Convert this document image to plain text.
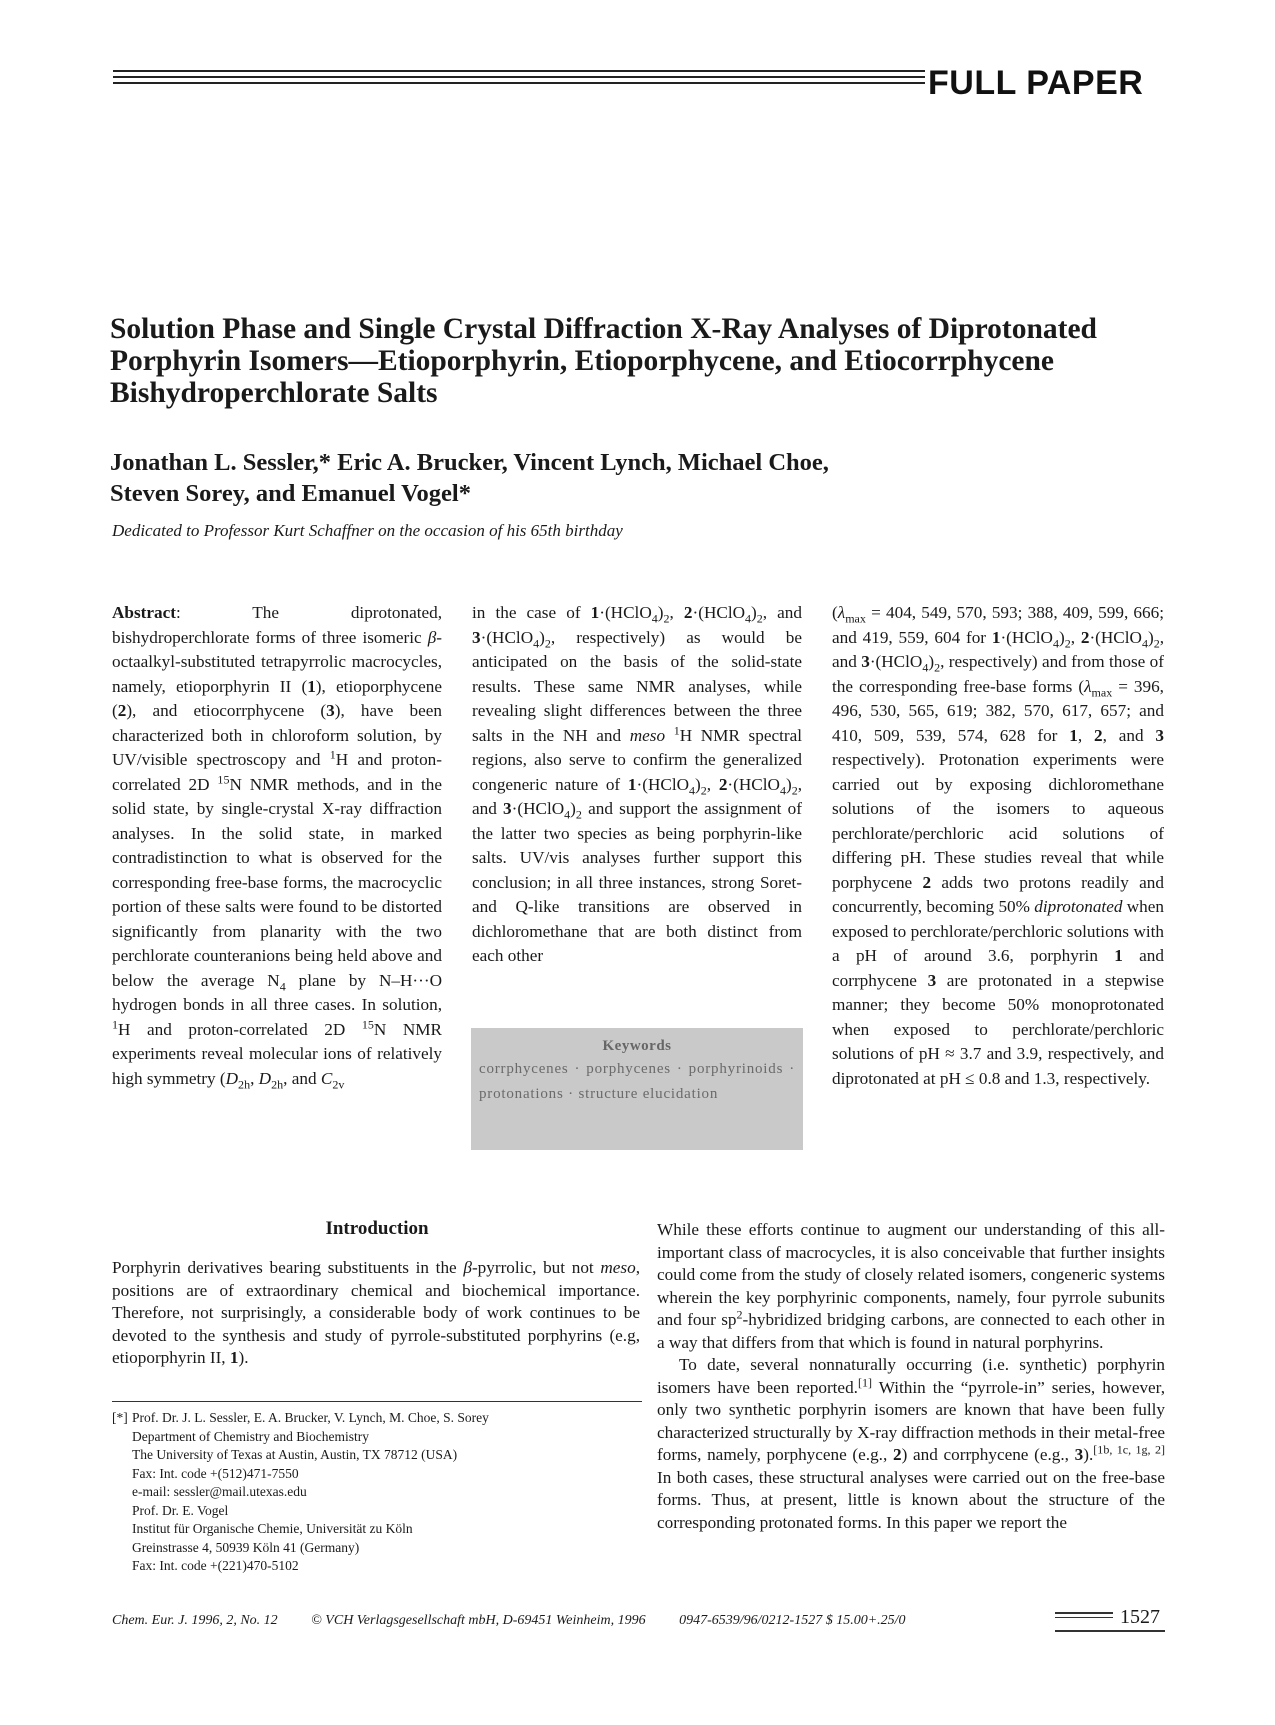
FULL PAPER
Solution Phase and Single Crystal Diffraction X-Ray Analyses of Diprotonated
Porphyrin Isomers—Etioporphyrin, Etioporphycene, and Etiocorrphycene
Bishydroperchlorate Salts
Jonathan L. Sessler,* Eric A. Brucker, Vincent Lynch, Michael Choe,
Steven Sorey, and Emanuel Vogel*
Dedicated to Professor Kurt Schaffner on the occasion of his 65th birthday

Abstract: The diprotonated, bishydroperchlorate forms of three isomeric β-octaalkyl-substituted tetrapyrrolic macrocycles, namely, etioporphyrin II (1), etioporphycene (2), and etiocorrphycene (3), have been characterized both in chloroform solution, by UV/visible spectroscopy and $^1$H and proton-correlated 2D $^{15}$N NMR methods, and in the solid state, by single-crystal X-ray diffraction analyses. In the solid state, in marked contradistinction to what is observed for the corresponding free-base forms, the macrocyclic portion of these salts were found to be distorted significantly from planarity with the two perchlorate counteranions being held above and below the average $N_4$ plane by N–H···O hydrogen bonds in all three cases. In solution, $^1$H and proton-correlated 2D $^{15}$N NMR experiments reveal molecular ions of relatively high symmetry ($D_{2h}$, $D_{2h}$, and $C_{2v}$

in the case of $1\cdot(HClO_4)_2$, $2\cdot(HClO_4)_2$, and $3\cdot(HClO_4)_2$, respectively) as would be anticipated on the basis of the solid-state results. These same NMR analyses, while revealing slight differences between the three salts in the NH and meso $^1$H NMR spectral regions, also serve to confirm the generalized congeneric nature of $1\cdot(HClO_4)_2$, $2\cdot(HClO_4)_2$, and $3\cdot(HClO_4)_2$ and support the assignment of the latter two species as being porphyrin-like salts. UV/vis analyses further support this conclusion; in all three instances, strong Soret- and Q-like transitions are observed in dichloromethane that are both distinct from each other

Keywords
corrphycenes · porphycenes · porphyrinoids · protonations · structure elucidation

($\lambda_{max} = 404$, 549, 570, 593; 388, 409, 599, 666; and 419, 559, 604 for $1\cdot(HClO_4)_2$, $2\cdot(HClO_4)_2$, and $3\cdot(HClO_4)_2$, respectively) and from those of the corresponding free-base forms ($\lambda_{max} = 396$, 496, 530, 565, 619; 382, 570, 617, 657; and 410, 509, 539, 574, 628 for 1, 2, and 3 respectively). Protonation experiments were carried out by exposing dichloromethane solutions of the isomers to aqueous perchlorate/perchloric acid solutions of differing pH. These studies reveal that while porphycene 2 adds two protons readily and concurrently, becoming 50% diprotonated when exposed to perchlorate/perchloric solutions with a pH of around 3.6, porphyrin 1 and corrphycene 3 are protonated in a stepwise manner; they become 50% monoprotonated when exposed to perchlorate/perchloric solutions of pH ≈ 3.7 and 3.9, respectively, and diprotonated at pH ≤ 0.8 and 1.3, respectively.

Introduction

Porphyrin derivatives bearing substituents in the β-pyrrolic, but not meso, positions are of extraordinary chemical and biochemical importance. Therefore, not surprisingly, a considerable body of work continues to be devoted to the synthesis and study of pyrrole-substituted porphyrins (e.g, etioporphyrin II, 1).

[*] Prof. Dr. J. L. Sessler, E. A. Brucker, V. Lynch, M. Choe, S. Sorey
Department of Chemistry and Biochemistry
The University of Texas at Austin, Austin, TX 78712 (USA)
Fax: Int. code +(512)471-7550
e-mail: sessler@mail.utexas.edu
Prof. Dr. E. Vogel
Institut für Organische Chemie, Universität zu Köln
Greinstrasse 4, 50939 Köln 41 (Germany)
Fax: Int. code +(221)470-5102

While these efforts continue to augment our understanding of this all-important class of macrocycles, it is also conceivable that further insights could come from the study of closely related isomers, congeneric systems wherein the key porphyrinic components, namely, four pyrrole subunits and four $sp^2$-hybridized bridging carbons, are connected to each other in a way that differs from that which is found in natural porphyrins.

To date, several nonnaturally occurring (i.e. synthetic) porphyrin isomers have been reported.[1] Within the “pyrrole-in” series, however, only two synthetic porphyrin isomers are known that have been fully characterized structurally by X-ray diffraction methods in their metal-free forms, namely, porphycene (e.g., 2) and corrphycene (e.g., 3).[1b, 1c, 1g, 2] In both cases, these structural analyses were carried out on the free-base forms. Thus, at present, little is known about the structure of the corresponding protonated forms. In this paper we report the

Chem. Eur. J. 1996, 2, No. 12 © VCH Verlagsgesellschaft mbH, D-69451 Weinheim, 1996 0947-6539/96/0212-1527 $ 15.00+.25/0	1527
